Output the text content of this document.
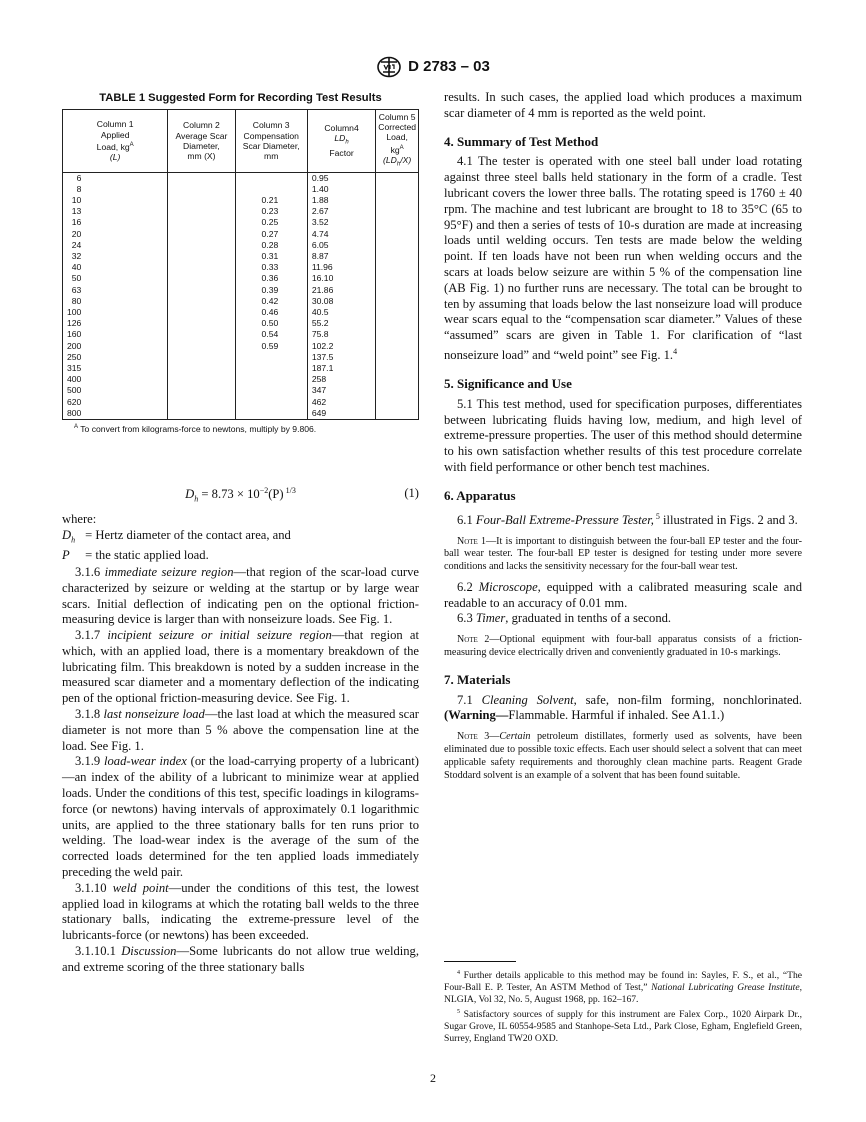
D 2783 – 03
TABLE 1 Suggested Form for Recording Test Results
Column 1
Applied
Load, $kg^A$
(L)	Column 2
Average Scar
Diameter,
mm (X)	Column 3
Compensation
Scar Diameter,
mm	Column4
$LD_h$
Factor	Column 5
Corrected
Load,
$kg^A$ $(LD_h/X)$
6			0.95	
8			1.40	
10		0.21	1.88	
13		0.23	2.67	
16		0.25	3.52	
20		0.27	4.74	
24		0.28	6.05	
32		0.31	8.87	
40		0.33	11.96	
50		0.36	16.10	
63		0.39	21.86	
80		0.42	30.08	
100		0.46	40.5	
126		0.50	55.2	
160		0.54	75.8	
200		0.59	102.2	
250			137.5	
315			187.1	
400			258	
500			347	
620			462	
800			649	
$^A$ To convert from kilograms-force to newtons, multiply by 9.806.
$D_h = 8.73 \times 10^{-2}(P)$ $^{1/3}$	(1)

where:

$D_h$ = Hertz diameter of the contact area, and

P = the static applied load.

3.1.6 immediate seizure region—that region of the scar-load curve characterized by seizure or welding at the startup or by large wear scars. Initial deflection of indicating pen on the optional friction-measuring device is larger than with nonseizure loads. See Fig. 1.

3.1.7 incipient seizure or initial seizure region—that region at which, with an applied load, there is a momentary breakdown of the lubricating film. This breakdown is noted by a sudden increase in the measured scar diameter and a momentary deflection of the indicating pen of the optional friction-measuring device. See Fig. 1.

3.1.8 last nonseizure load—the last load at which the measured scar diameter is not more than 5 % above the compensation line at the load. See Fig. 1.

3.1.9 load-wear index (or the load-carrying property of a lubricant)—an index of the ability of a lubricant to minimize wear at applied loads. Under the conditions of this test, specific loadings in kilograms-force (or newtons) having intervals of approximately 0.1 logarithmic units, are applied to the three stationary balls for ten runs prior to welding. The load-wear index is the average of the sum of the corrected loads determined for the ten applied loads immediately preceding the weld pair.

3.1.10 weld point—under the conditions of this test, the lowest applied load in kilograms at which the rotating ball welds to the three stationary balls, indicating the extreme-pressure level of the lubricants-force (or newtons) has been exceeded.

3.1.10.1 Discussion—Some lubricants do not allow true welding, and extreme scoring of the three stationary balls

results. In such cases, the applied load which produces a maximum scar diameter of 4 mm is reported as the weld point.

4. Summary of Test Method

4.1 The tester is operated with one steel ball under load rotating against three steel balls held stationary in the form of a cradle. Test lubricant covers the lower three balls. The rotating speed is 1760 ± 40 rpm. The machine and test lubricant are brought to 18 to 35°C (65 to 95°F) and then a series of tests of 10-s duration are made at increasing loads until welding occurs. Ten tests are made below the welding point. If ten loads have not been run when welding occurs and the scars at loads below seizure are within 5 % of the compensation line (AB Fig. 1) no further runs are necessary. The total can be brought to ten by assuming that loads below the last nonseizure load will produce wear scars equal to the “compensation scar diameter.” Values of these “assumed” scars are given in Table 1. For clarification of “last nonseizure load” and “weld point” see Fig. 1.$^4$

5. Significance and Use

5.1 This test method, used for specification purposes, differentiates between lubricating fluids having low, medium, and high level of extreme-pressure properties. The user of this method should determine to his own satisfaction whether results of this test procedure correlate with field performance or other bench test machines.

6. Apparatus

6.1 Four-Ball Extreme-Pressure Tester, $^5$ illustrated in Figs. 2 and 3.

Note 1—It is important to distinguish between the four-ball EP tester and the four-ball wear tester. The four-ball EP tester is designed for testing under more severe conditions and lacks the sensitivity necessary for the four-ball wear test.

6.2 Microscope, equipped with a calibrated measuring scale and readable to an accuracy of 0.01 mm.

6.3 Timer, graduated in tenths of a second.

Note 2—Optional equipment with four-ball apparatus consists of a friction-measuring device electrically driven and conveniently graduated in 10-s markings.

7. Materials

7.1 Cleaning Solvent, safe, non-film forming, nonchlorinated. (Warning—Flammable. Harmful if inhaled. See A1.1.)

Note 3—Certain petroleum distillates, formerly used as solvents, have been eliminated due to possible toxic effects. Each user should select a solvent that can meet applicable safety requirements and thoroughly clean machine parts. Reagent Grade Stoddard solvent is an example of a solvent that has been found suitable.

$^4$ Further details applicable to this method may be found in: Sayles, F. S., et al., “The Four-Ball E. P. Tester, An ASTM Method of Test,” National Lubricating Grease Institute, NLGIA, Vol 32, No. 5, August 1968, pp. 162–167.

$^5$ Satisfactory sources of supply for this instrument are Falex Corp., 1020 Airpark Dr., Sugar Grove, IL 60554-9585 and Stanhope-Seta Ltd., Park Close, Egham, Englefield Green, Surrey, England TW20 OXD.

2
